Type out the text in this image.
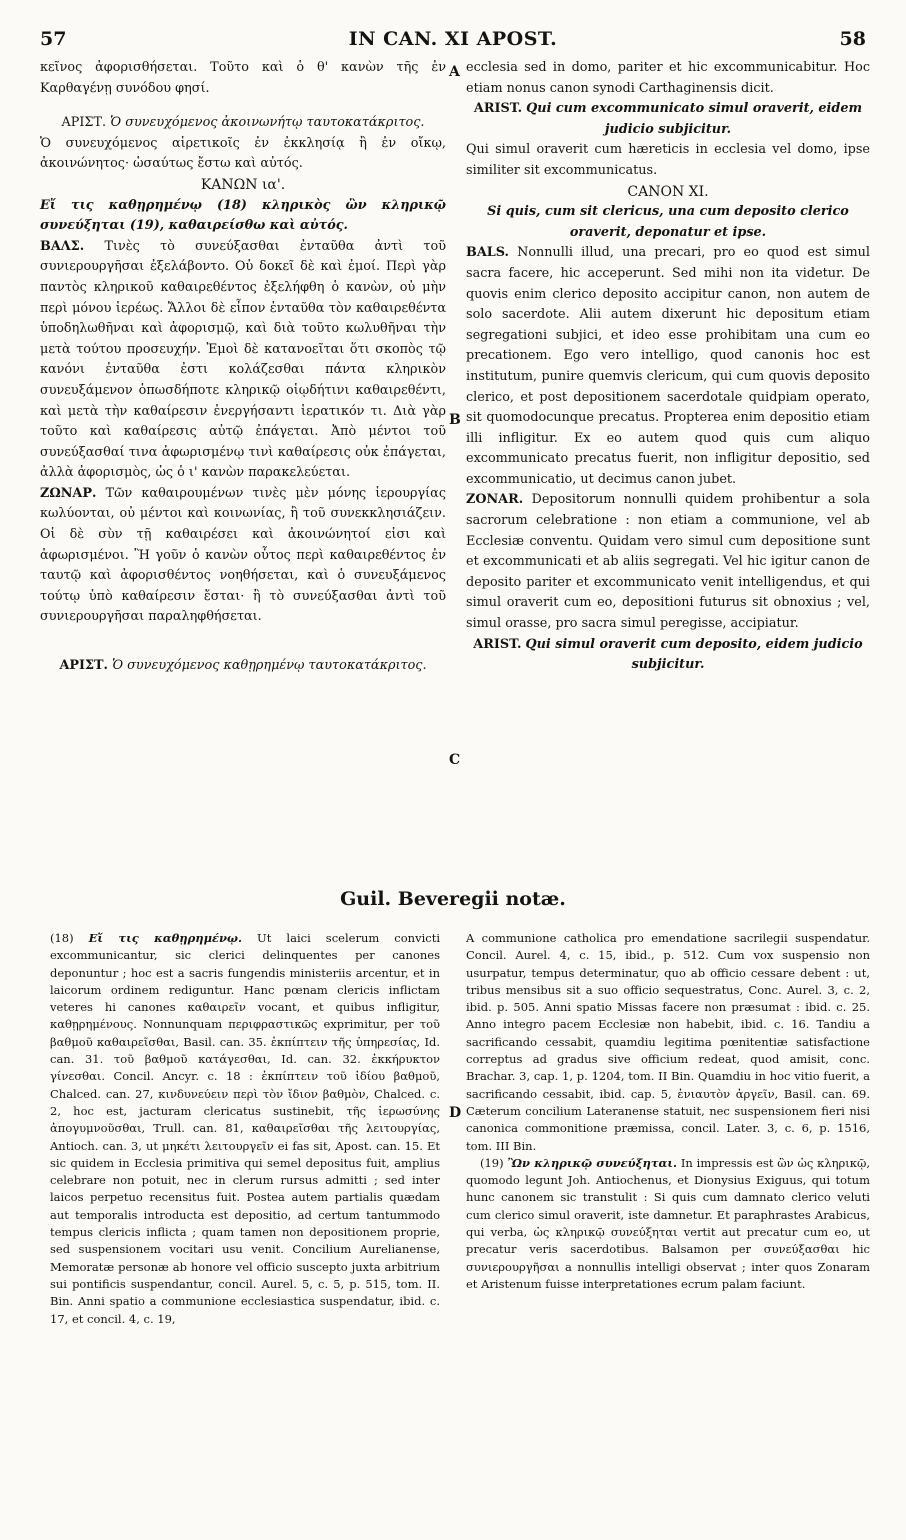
57	IN CAN. XI APOST.	58

κεῖνος ἀφορισθήσεται. Τοῦτο καὶ ὁ θ' κανὼν τῆς ἐν Καρθαγένῃ συνόδου φησί.

ΑΡΙΣΤ. Ὁ συνευχόμενος ἀκοινωνήτῳ ταυτοκατάκριτος.

Ὁ συνευχόμενος αἱρετικοῖς ἐν ἐκκλησίᾳ ἢ ἐν οἴκῳ, ἀκοινώνητος· ὡσαύτως ἔστω καὶ αὐτός.

ΚΑΝΩΝ ια'.

Εἴ τις καθῃρημένῳ (18) κληρικὸς ὢν κληρικῷ συνεύξηται (19), καθαιρείσθω καὶ αὐτός.

ΒΑΛΣ. Τινὲς τὸ συνεύξασθαι ἐνταῦθα ἀντὶ τοῦ συνιερουργῆσαι ἐξελάβοντο. Οὐ δοκεῖ δὲ καὶ ἐμοί. Περὶ γὰρ παντὸς κληρικοῦ καθαιρεθέντος ἐξελήφθη ὁ κανὼν, οὐ μὴν περὶ μόνου ἱερέως. Ἄλλοι δὲ εἶπον ἐνταῦθα τὸν καθαιρεθέντα ὑποδηλωθῆναι καὶ ἀφορισμῷ, καὶ διὰ τοῦτο κωλυθῆναι τὴν μετὰ τούτου προσευχήν. Ἐμοὶ δὲ κατανοεῖται ὅτι σκοπὸς τῷ κανόνι ἐνταῦθα ἐστι κολάζεσθαι πάντα κληρικὸν συνευξάμενον ὁπωσδήποτε κληρικῷ οἱῳδήτινι καθαιρεθέντι, καὶ μετὰ τὴν καθαίρεσιν ἐνεργήσαντι ἱερατικόν τι. Διὰ γὰρ τοῦτο καὶ καθαίρεσις αὐτῷ ἐπάγεται. Ἀπὸ μέντοι τοῦ συνεύξασθαί τινα ἀφωρισμένῳ τινὶ καθαίρεσις οὐκ ἐπάγεται, ἀλλὰ ἀφορισμὸς, ὡς ὁ ι' κανὼν παρακελεύεται.

ΖΩΝΑΡ. Τῶν καθαιρουμένων τινὲς μὲν μόνης ἱερουργίας κωλύονται, οὐ μέντοι καὶ κοινωνίας, ἢ τοῦ συνεκκλησιάζειν. Οἱ δὲ σὺν τῇ καθαιρέσει καὶ ἀκοινώνητοί εἰσι καὶ ἀφωρισμένοι. Ἢ γοῦν ὁ κανὼν οὗτος περὶ καθαιρεθέντος ἐν ταυτῷ καὶ ἀφορισθέντος νοηθήσεται, καὶ ὁ συνευξάμενος τούτῳ ὑπὸ καθαίρεσιν ἔσται· ἢ τὸ συνεύξασθαι ἀντὶ τοῦ συνιερουργῆσαι παραληφθήσεται.

ΑΡΙΣΤ. Ὁ συνευχόμενος καθῃρημένῳ ταυτοκατάκριτος.

A
B
C
D

ecclesia sed in domo, pariter et hic excommunicabitur. Hoc etiam nonus canon synodi Carthaginensis dicit.

ARIST. Qui cum excommunicato simul oraverit, eidem judicio subjicitur.

Qui simul oraverit cum hæreticis in ecclesia vel domo, ipse similiter sit excommunicatus.

CANON XI.

Si quis, cum sit clericus, una cum deposito clerico oraverit, deponatur et ipse.

BALS. Nonnulli illud, una precari, pro eo quod est simul sacra facere, hic acceperunt. Sed mihi non ita videtur. De quovis enim clerico deposito accipitur canon, non autem de solo sacerdote. Alii autem dixerunt hic depositum etiam segregationi subjici, et ideo esse prohibitam una cum eo precationem. Ego vero intelligo, quod canonis hoc est institutum, punire quemvis clericum, qui cum quovis deposito clerico, et post depositionem sacerdotale quidpiam operato, sit quomodocunque precatus. Propterea enim depositio etiam illi infligitur. Ex eo autem quod quis cum aliquo excommunicato precatus fuerit, non infligitur depositio, sed excommunicatio, ut decimus canon jubet.

ZONAR. Depositorum nonnulli quidem prohibentur a sola sacrorum celebratione : non etiam a communione, vel ab Ecclesiæ conventu. Quidam vero simul cum depositione sunt et excommunicati et ab aliis segregati. Vel hic igitur canon de deposito pariter et excommunicato venit intelligendus, et qui simul oraverit cum eo, depositioni futurus sit obnoxius ; vel, simul orasse, pro sacra simul peregisse, accipiatur.

ARIST. Qui simul oraverit cum deposito, eidem judicio subjicitur.

Guil. Beveregii notæ.

(18) Εἴ τις καθῃρημένῳ. Ut laici scelerum convicti excommunicantur, sic clerici delinquentes per canones deponuntur ; hoc est a sacris fungendis ministeriis arcentur, et in laicorum ordinem rediguntur. Hanc pœnam clericis inflictam veteres hi canones καθαιρεῖν vocant, et quibus infligitur, καθῃρημένους. Nonnunquam περιφραστικῶς exprimitur, per τοῦ βαθμοῦ καθαιρεῖσθαι, Basil. can. 35. ἐκπίπτειν τῆς ὑπηρεσίας, Id. can. 31. τοῦ βαθμοῦ κατάγεσθαι, Id. can. 32. ἐκκήρυκτον γίνεσθαι. Concil. Ancyr. c. 18 : ἐκπίπτειν τοῦ ἰδίου βαθμοῦ, Chalced. can. 27, κινδυνεύειν περὶ τὸν ἴδιον βαθμὸν, Chalced. c. 2, hoc est, jacturam clericatus sustinebit, τῆς ἱερωσύνης ἀπογυμνοῦσθαι, Trull. can. 81, καθαιρεῖσθαι τῆς λειτουργίας, Antioch. can. 3, ut μηκέτι λειτουργεῖν ei fas sit, Apost. can. 15. Et sic quidem in Ecclesia primitiva qui semel depositus fuit, amplius celebrare non potuit, nec in clerum rursus admitti ; sed inter laicos perpetuo recensitus fuit. Postea autem partialis quædam aut temporalis introducta est depositio, ad certum tantummodo tempus clericis inflicta ; quam tamen non depositionem proprie, sed suspensionem vocitari usu venit. Concilium Aurelianense, Memoratæ personæ ab honore vel officio suscepto juxta arbitrium sui pontificis suspendantur, concil. Aurel. 5, c. 5, p. 515, tom. II. Bin. Anni spatio a communione ecclesiastica suspendatur, ibid. c. 17, et concil. 4, c. 19,

A communione catholica pro emendatione sacrilegii suspendatur. Concil. Aurel. 4, c. 15, ibid., p. 512. Cum vox suspensio non usurpatur, tempus determinatur, quo ab officio cessare debent : ut, tribus mensibus sit a suo officio sequestratus, Conc. Aurel. 3, c. 2, ibid. p. 505. Anni spatio Missas facere non præsumat : ibid. c. 25. Anno integro pacem Ecclesiæ non habebit, ibid. c. 16. Tandiu a sacrificando cessabit, quamdiu legitima pœnitentiæ satisfactione correptus ad gradus sive officium redeat, quod amisit, conc. Brachar. 3, cap. 1, p. 1204, tom. II Bin. Quamdiu in hoc vitio fuerit, a sacrificando cessabit, ibid. cap. 5, ἐνιαυτὸν ἀργεῖν, Basil. can. 69. Cæterum concilium Lateranense statuit, nec suspensionem fieri nisi canonica commonitione præmissa, concil. Later. 3, c. 6, p. 1516, tom. III Bin.

(19) Ὢν κληρικῷ συνεύξηται. In impressis est ὢν ὡς κληρικῷ, quomodo legunt Joh. Antiochenus, et Dionysius Exiguus, qui totum hunc canonem sic transtulit : Si quis cum damnato clerico veluti cum clerico simul oraverit, iste damnetur. Et paraphrastes Arabicus, qui verba, ὡς κληρικῷ συνεύξηται vertit aut precatur cum eo, ut precatur veris sacerdotibus. Balsamon per συνεύξασθαι hic συνιερουργῆσαι a nonnullis intelligi observat ; inter quos Zonaram et Aristenum fuisse interpretationes ecrum palam faciunt.
